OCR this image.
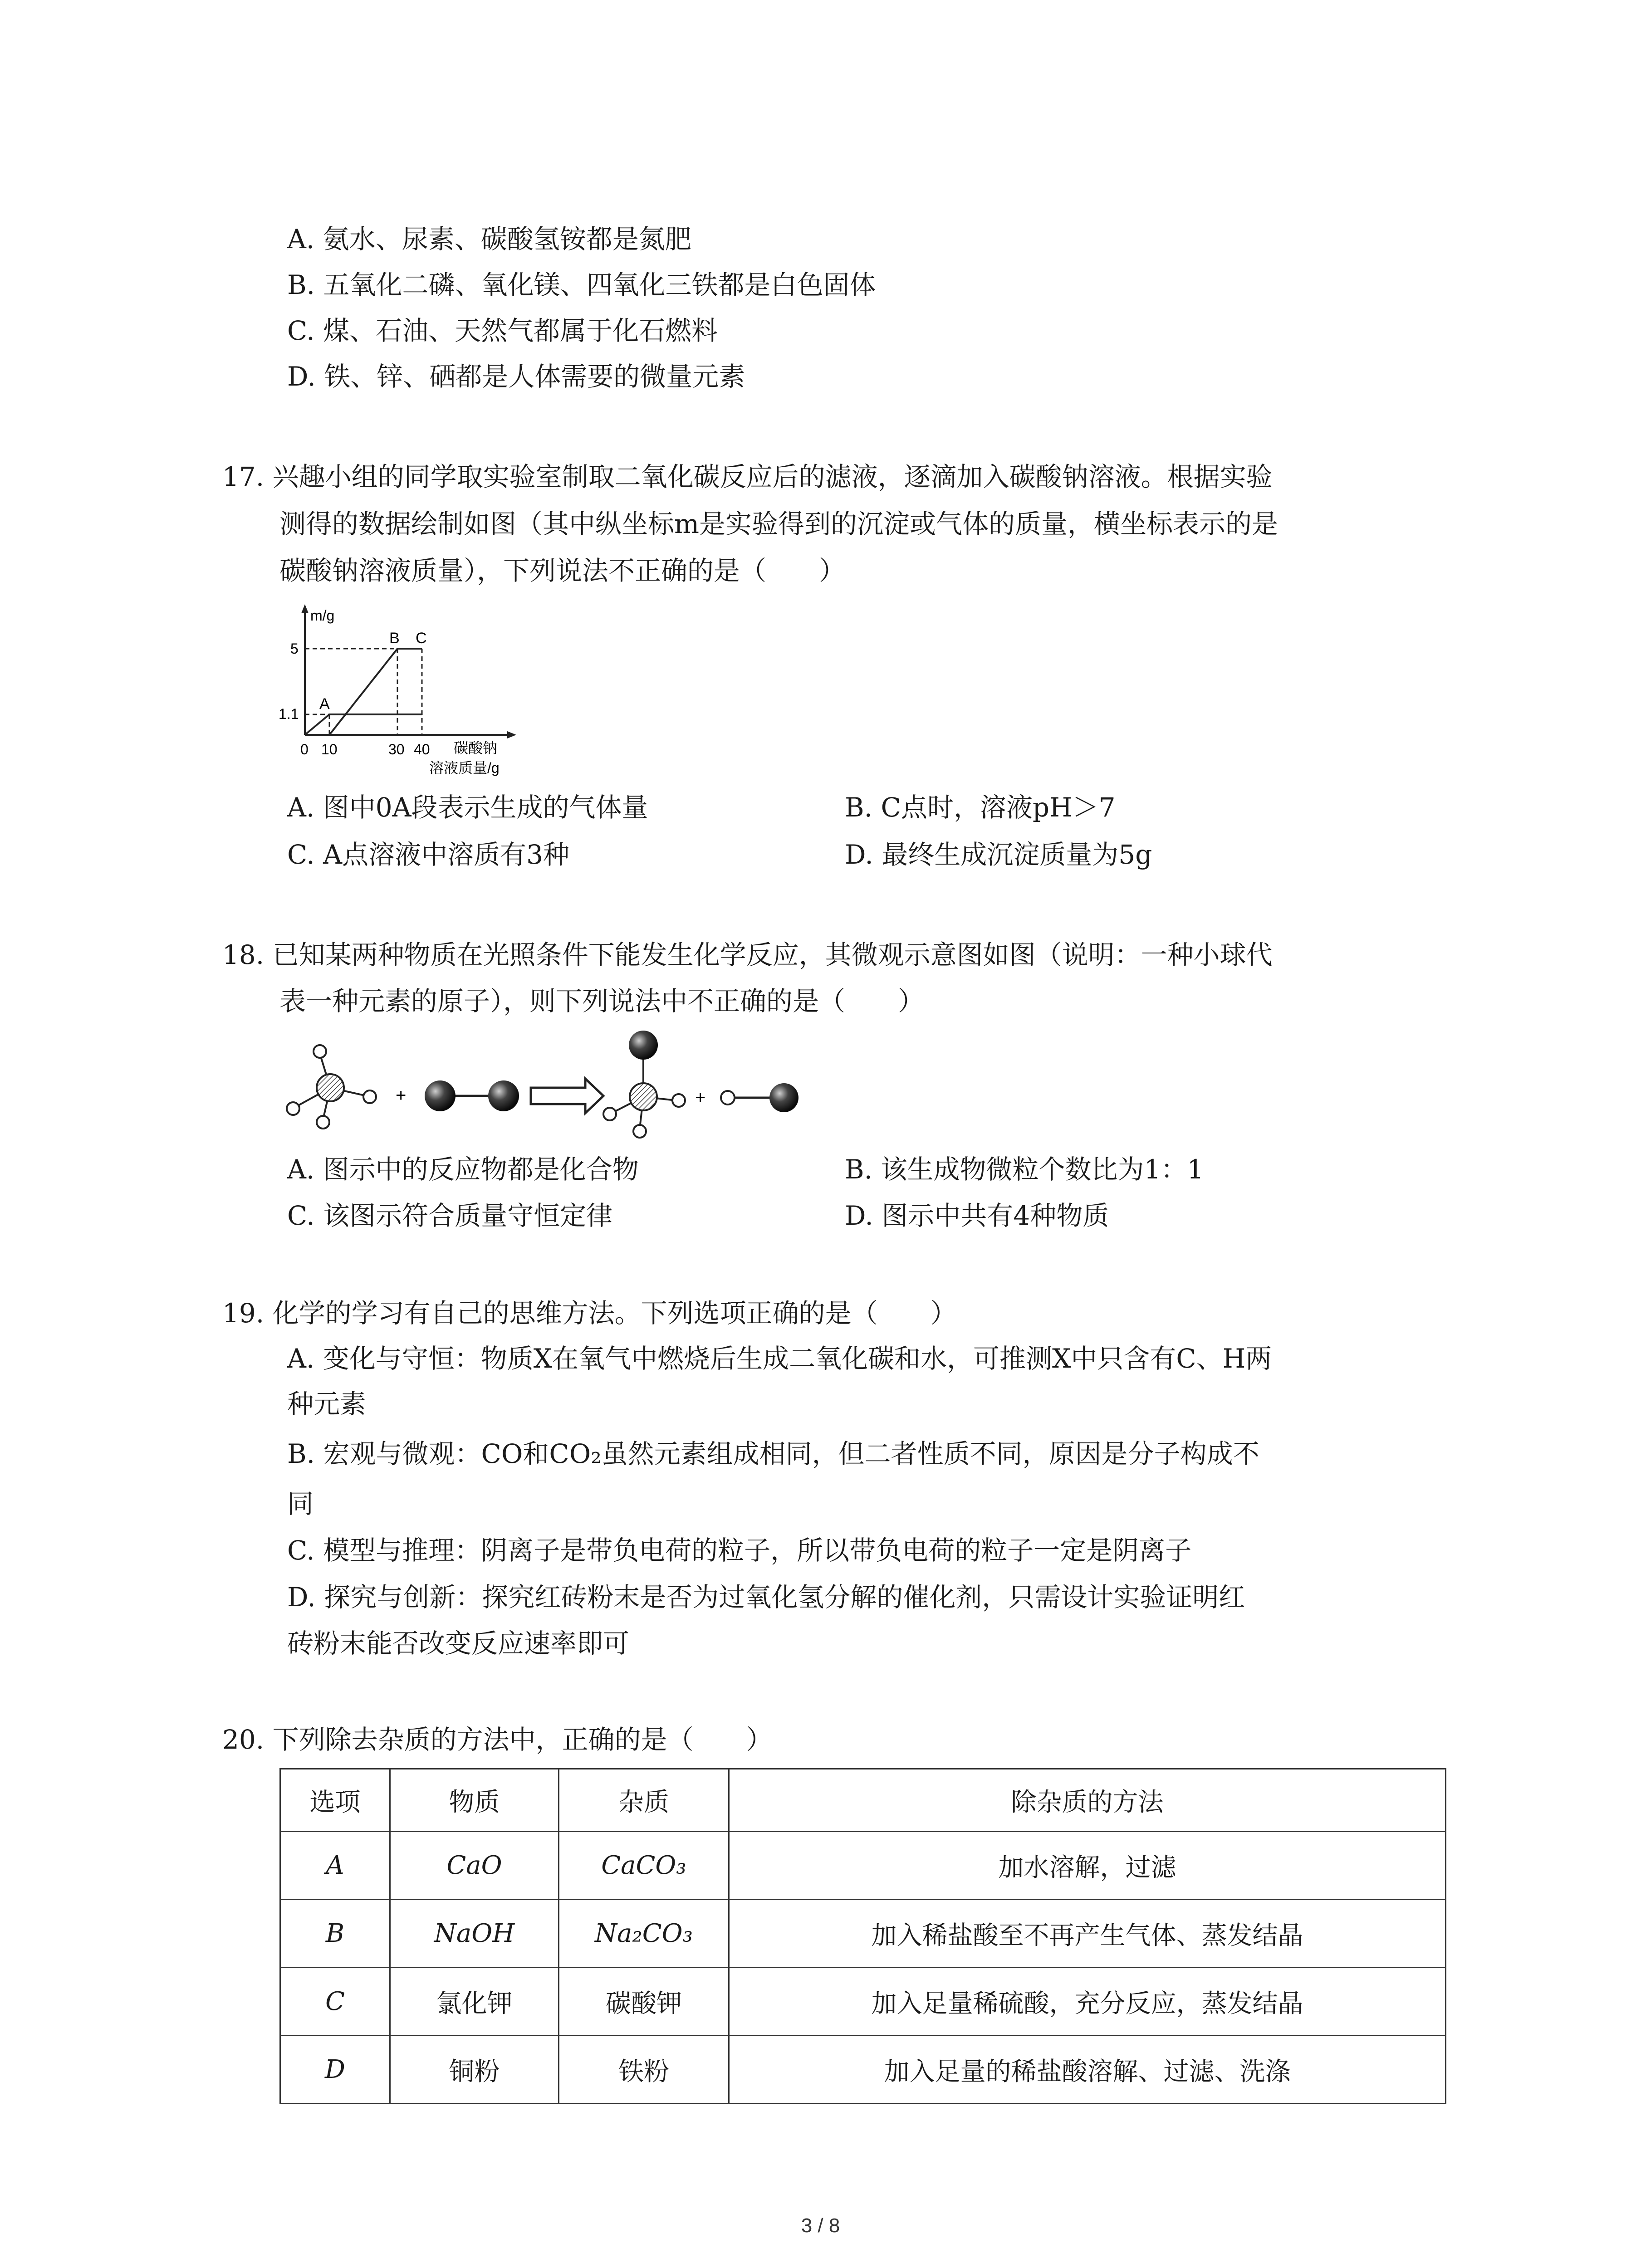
A. 氨水、尿素、碳酸氢铵都是氮肥
B. 五氧化二磷、氧化镁、四氧化三铁都是白色固体
C. 煤、石油、天然气都属于化石燃料
D. 铁、锌、硒都是人体需要的微量元素
17. 兴趣小组的同学取实验室制取二氧化碳反应后的滤液，逐滴加入碳酸钠溶液。根据实验
测得的数据绘制如图（其中纵坐标m是实验得到的沉淀或气体的质量，横坐标表示的是
碳酸钠溶液质量），下列说法不正确的是（　　）
m/g
5
1.1
0 10	30 40
A
B C
碳酸钠
溶液质量/g
A. 图中0A段表示生成的气体量	B. C点时，溶液pH＞7
C. A点溶液中溶质有3种	D. 最终生成沉淀质量为5g
18. 已知某两种物质在光照条件下能发生化学反应，其微观示意图如图（说明：一种小球代
表一种元素的原子），则下列说法中不正确的是（　　）
+	+
A. 图示中的反应物都是化合物	B. 该生成物微粒个数比为1：1
C. 该图示符合质量守恒定律	D. 图示中共有4种物质
19. 化学的学习有自己的思维方法。下列选项正确的是（　　）
A. 变化与守恒：物质X在氧气中燃烧后生成二氧化碳和水，可推测X中只含有C、H两
种元素
B. 宏观与微观：CO和CO₂虽然元素组成相同，但二者性质不同，原因是分子构成不
同
C. 模型与推理：阴离子是带负电荷的粒子，所以带负电荷的粒子一定是阴离子
D. 探究与创新：探究红砖粉末是否为过氧化氢分解的催化剂，只需设计实验证明红
砖粉末能否改变反应速率即可
20. 下列除去杂质的方法中，正确的是（　　）
选项	物质	杂质	除杂质的方法
A	CaO	CaCO₃	加水溶解，过滤
B	NaOH	Na₂CO₃	加入稀盐酸至不再产生气体、蒸发结晶
C	氯化钾	碳酸钾	加入足量稀硫酸，充分反应，蒸发结晶
D	铜粉	铁粉	加入足量的稀盐酸溶解、过滤、洗涤
3 / 8
